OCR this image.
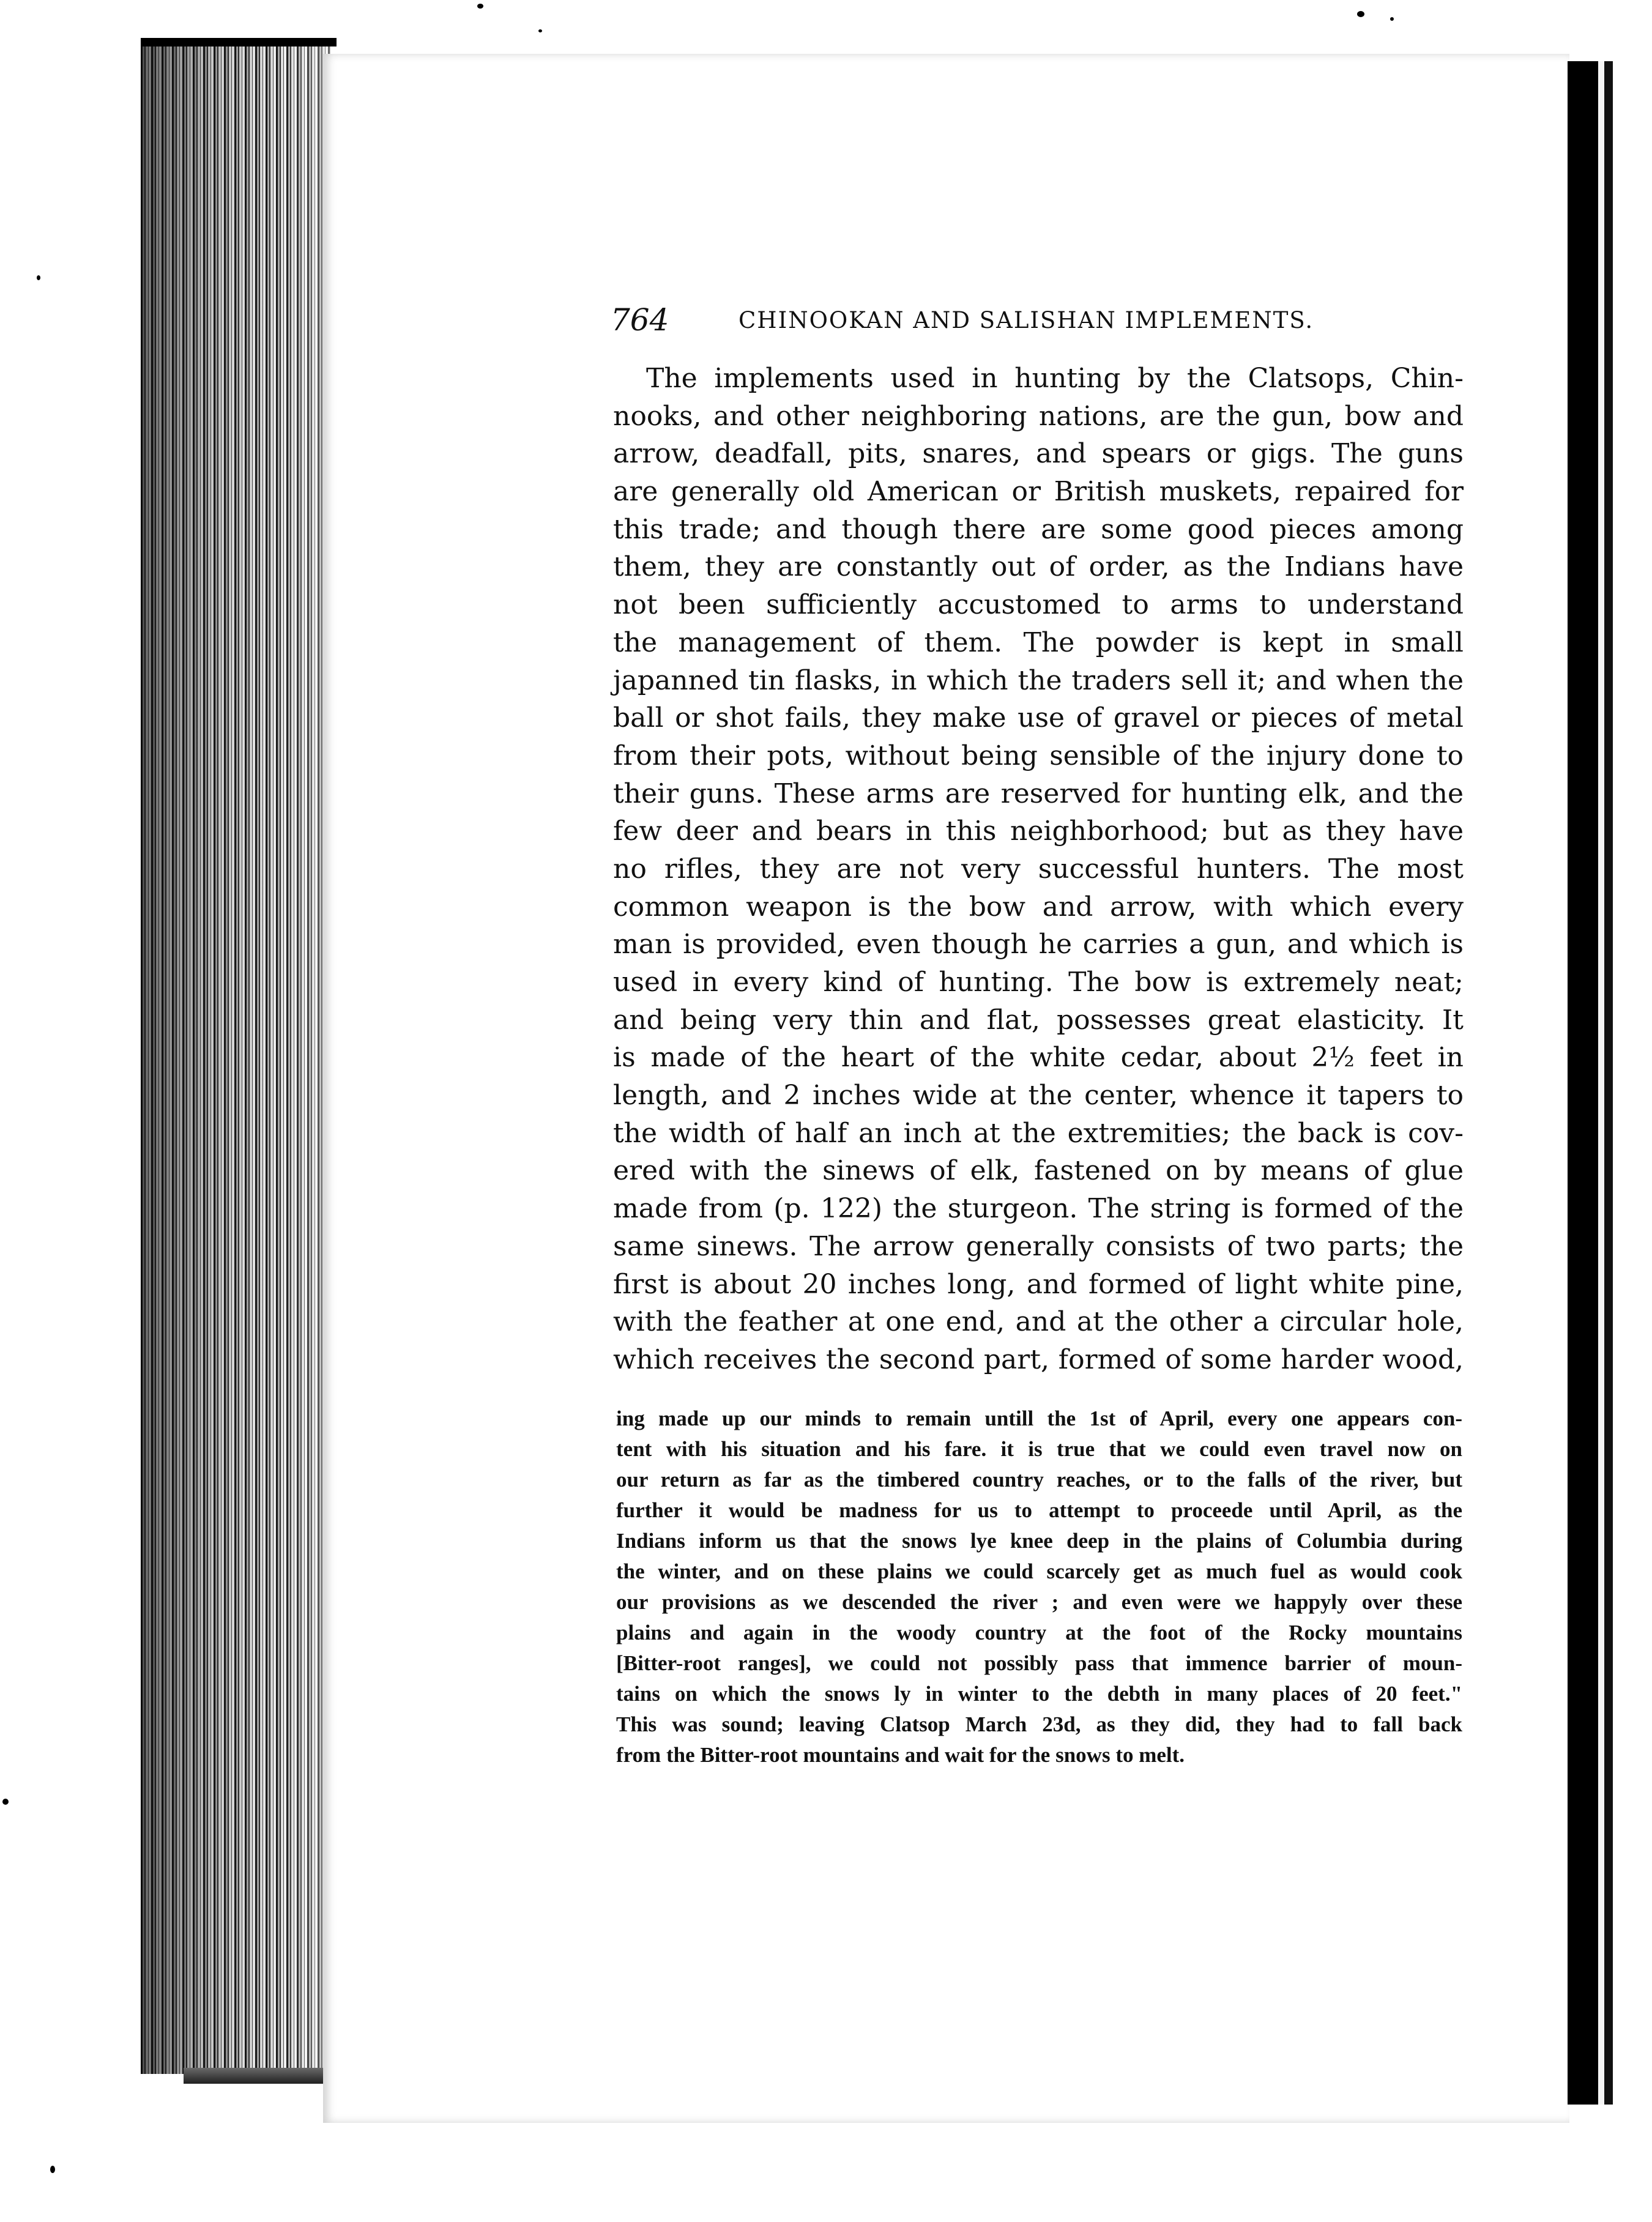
764	CHINOOKAN AND SALISHAN IMPLEMENTS.
The implements used in hunting by the Clatsops, Chin-
nooks, and other neighboring nations, are the gun, bow and
arrow, deadfall, pits, snares, and spears or gigs. The guns
are generally old American or British muskets, repaired for
this trade; and though there are some good pieces among
them, they are constantly out of order, as the Indians have
not been sufficiently accustomed to arms to understand
the management of them. The powder is kept in small
japanned tin flasks, in which the traders sell it; and when the
ball or shot fails, they make use of gravel or pieces of metal
from their pots, without being sensible of the injury done to
their guns. These arms are reserved for hunting elk, and the
few deer and bears in this neighborhood; but as they have
no rifles, they are not very successful hunters. The most
common weapon is the bow and arrow, with which every
man is provided, even though he carries a gun, and which is
used in every kind of hunting. The bow is extremely neat;
and being very thin and flat, possesses great elasticity. It
is made of the heart of the white cedar, about 2½ feet in
length, and 2 inches wide at the center, whence it tapers to
the width of half an inch at the extremities; the back is cov-
ered with the sinews of elk, fastened on by means of glue
made from (p. 122) the sturgeon. The string is formed of the
same sinews. The arrow generally consists of two parts; the
first is about 20 inches long, and formed of light white pine,
with the feather at one end, and at the other a circular hole,
which receives the second part, formed of some harder wood,
ing made up our minds to remain untill the 1st of April, every one appears con-
tent with his situation and his fare. it is true that we could even travel now on
our return as far as the timbered country reaches, or to the falls of the river, but
further it would be madness for us to attempt to proceede until April, as the
Indians inform us that the snows lye knee deep in the plains of Columbia during
the winter, and on these plains we could scarcely get as much fuel as would cook
our provisions as we descended the river ; and even were we happyly over these
plains and again in the woody country at the foot of the Rocky mountains
[Bitter-root ranges], we could not possibly pass that immence barrier of moun-
tains on which the snows ly in winter to the debth in many places of 20 feet."
This was sound; leaving Clatsop March 23d, as they did, they had to fall back
from the Bitter-root mountains and wait for the snows to melt.
